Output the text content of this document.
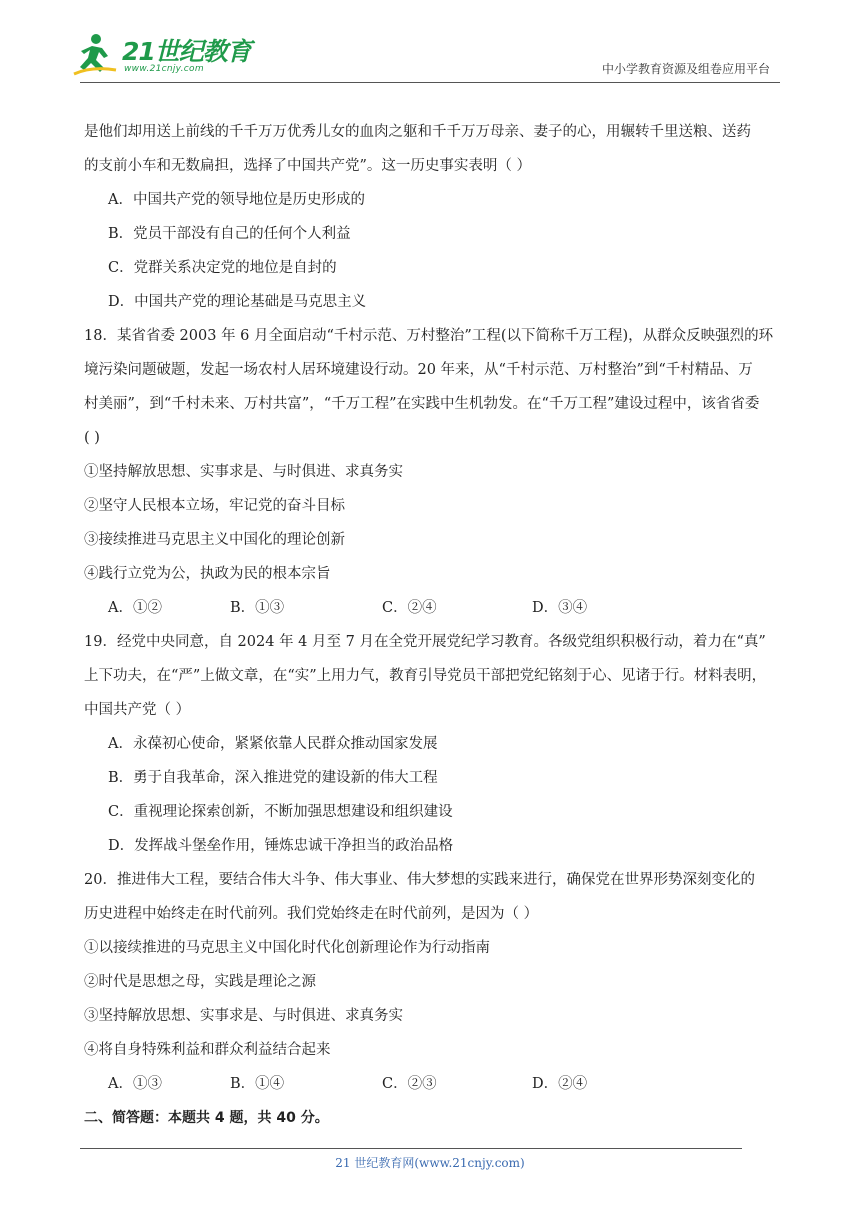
21世纪教育
www.21cnjy.com	中小学教育资源及组卷应用平台
是他们却用送上前线的千千万万优秀儿女的血肉之躯和千千万万母亲、妻子的心，用辗转千里送粮、送药
的支前小车和无数扁担，选择了中国共产党”。这一历史事实表明（ ）
A．中国共产党的领导地位是历史形成的
B．党员干部没有自己的任何个人利益
C．党群关系决定党的地位是自封的
D．中国共产党的理论基础是马克思主义
18．某省省委 2003 年 6 月全面启动“千村示范、万村整治”工程(以下简称千万工程)，从群众反映强烈的环
境污染问题破题，发起一场农村人居环境建设行动。20 年来，从“千村示范、万村整治”到“千村精品、万
村美丽”，到“千村未来、万村共富”，“千万工程”在实践中生机勃发。在“千万工程”建设过程中，该省省委
( )
①坚持解放思想、实事求是、与时俱进、求真务实
②坚守人民根本立场，牢记党的奋斗目标
③接续推进马克思主义中国化的理论创新
④践行立党为公，执政为民的根本宗旨
A．①②	B．①③	C．②④	D．③④
19．经党中央同意，自 2024 年 4 月至 7 月在全党开展党纪学习教育。各级党组织积极行动，着力在“真”
上下功夫，在“严”上做文章，在“实”上用力气，教育引导党员干部把党纪铭刻于心、见诸于行。材料表明，
中国共产党（ ）
A．永葆初心使命，紧紧依靠人民群众推动国家发展
B．勇于自我革命，深入推进党的建设新的伟大工程
C．重视理论探索创新，不断加强思想建设和组织建设
D．发挥战斗堡垒作用，锤炼忠诚干净担当的政治品格
20．推进伟大工程，要结合伟大斗争、伟大事业、伟大梦想的实践来进行，确保党在世界形势深刻变化的
历史进程中始终走在时代前列。我们党始终走在时代前列，是因为（ ）
①以接续推进的马克思主义中国化时代化创新理论作为行动指南
②时代是思想之母，实践是理论之源
③坚持解放思想、实事求是、与时俱进、求真务实
④将自身特殊利益和群众利益结合起来
A．①③	B．①④	C．②③	D．②④
二、简答题：本题共 4 题，共 40 分。
21 世纪教育网(www.21cnjy.com)
